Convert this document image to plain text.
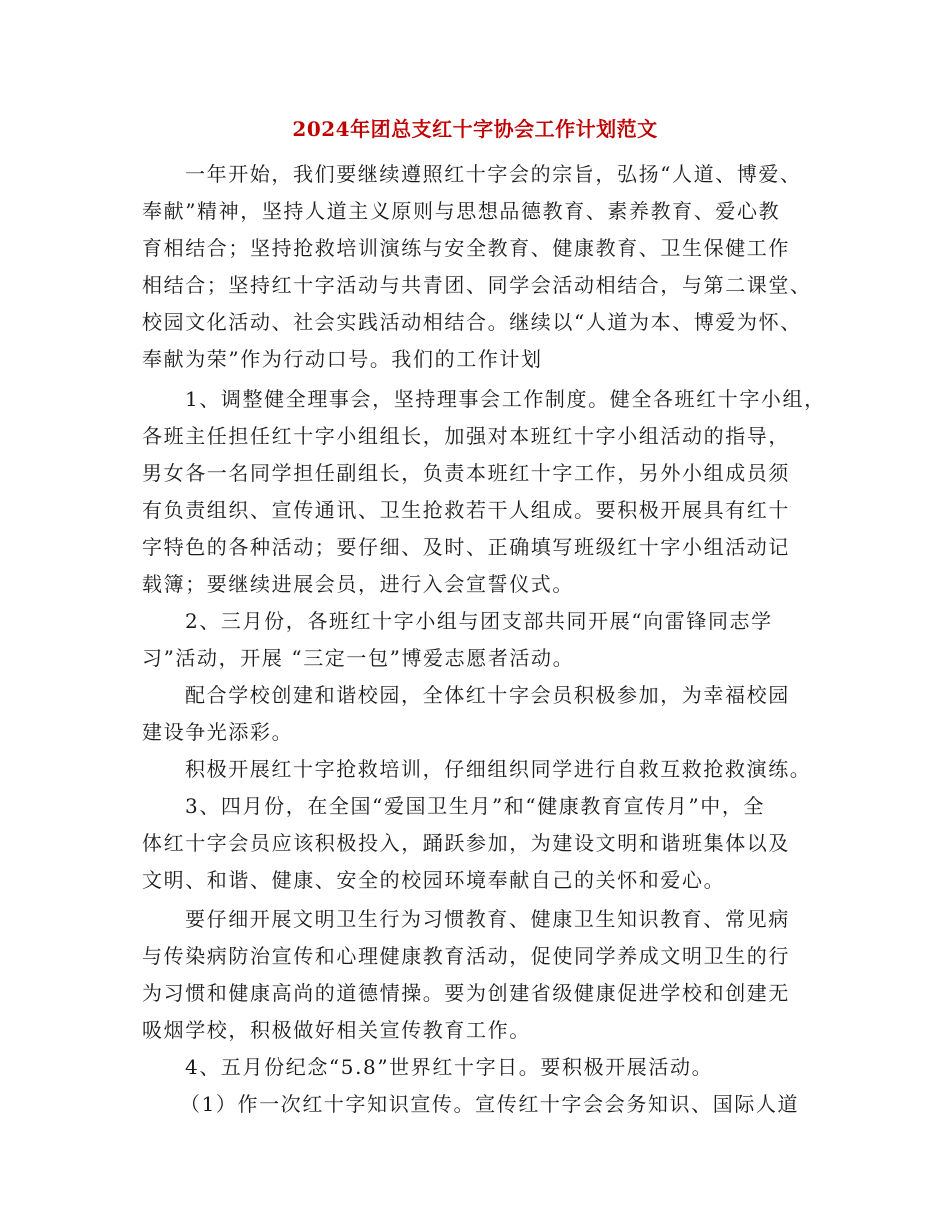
2024年团总支红十字协会工作计划范文
一年开始，我们要继续遵照红十字会的宗旨，弘扬“人道、博爱、
奉献”精神，坚持人道主义原则与思想品德教育、素养教育、爱心教
育相结合；坚持抢救培训演练与安全教育、健康教育、卫生保健工作
相结合；坚持红十字活动与共青团、同学会活动相结合，与第二课堂、
校园文化活动、社会实践活动相结合。继续以“人道为本、博爱为怀、
奉献为荣”作为行动口号。我们的工作计划
1、调整健全理事会，坚持理事会工作制度。健全各班红十字小组，
各班主任担任红十字小组组长，加强对本班红十字小组活动的指导，
男女各一名同学担任副组长，负责本班红十字工作，另外小组成员须
有负责组织、宣传通讯、卫生抢救若干人组成。要积极开展具有红十
字特色的各种活动；要仔细、及时、正确填写班级红十字小组活动记
载簿；要继续进展会员，进行入会宣誓仪式。
2、三月份，各班红十字小组与团支部共同开展“向雷锋同志学
习”活动，开展 “三定一包”博爱志愿者活动。
配合学校创建和谐校园，全体红十字会员积极参加，为幸福校园
建设争光添彩。
积极开展红十字抢救培训，仔细组织同学进行自救互救抢救演练。
3、四月份，在全国“爱国卫生月”和“健康教育宣传月”中，全
体红十字会员应该积极投入，踊跃参加，为建设文明和谐班集体以及
文明、和谐、健康、安全的校园环境奉献自己的关怀和爱心。
要仔细开展文明卫生行为习惯教育、健康卫生知识教育、常见病
与传染病防治宣传和心理健康教育活动，促使同学养成文明卫生的行
为习惯和健康高尚的道德情操。要为创建省级健康促进学校和创建无
吸烟学校，积极做好相关宣传教育工作。
4、五月份纪念“5.8”世界红十字日。要积极开展活动。
（1）作一次红十字知识宣传。宣传红十字会会务知识、国际人道
